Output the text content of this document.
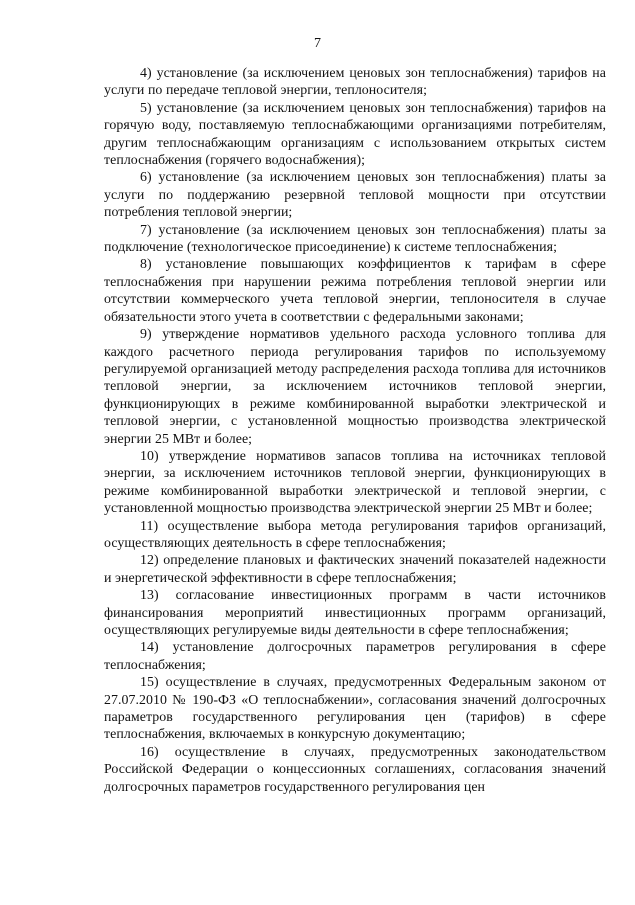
7

4) установление (за исключением ценовых зон теплоснабжения) тарифов на услуги по передаче тепловой энергии, теплоносителя;

5) установление (за исключением ценовых зон теплоснабжения) тарифов на горячую воду, поставляемую теплоснабжающими организациями потребителям, другим теплоснабжающим организациям с использованием открытых систем теплоснабжения (горячего водоснабжения);

6) установление (за исключением ценовых зон теплоснабжения) платы за услуги по поддержанию резервной тепловой мощности при отсутствии потребления тепловой энергии;

7) установление (за исключением ценовых зон теплоснабжения) платы за подключение (технологическое присоединение) к системе теплоснабжения;

8) установление повышающих коэффициентов к тарифам в сфере теплоснабжения при нарушении режима потребления тепловой энергии или отсутствии коммерческого учета тепловой энергии, теплоносителя в случае обязательности этого учета в соответствии с федеральными законами;

9) утверждение нормативов удельного расхода условного топлива для каждого расчетного периода регулирования тарифов по используемому регулируемой организацией методу распределения расхода топлива для источников тепловой энергии, за исключением источников тепловой энергии, функционирующих в режиме комбинированной выработки электрической и тепловой энергии, с установленной мощностью производства электрической энергии 25 МВт и более;

10) утверждение нормативов запасов топлива на источниках тепловой энергии, за исключением источников тепловой энергии, функционирующих в режиме комбинированной выработки электрической и тепловой энергии, с установленной мощностью производства электрической энергии 25 МВт и более;

11) осуществление выбора метода регулирования тарифов организаций, осуществляющих деятельность в сфере теплоснабжения;

12) определение плановых и фактических значений показателей надежности и энергетической эффективности в сфере теплоснабжения;

13) согласование инвестиционных программ в части источников финансирования мероприятий инвестиционных программ организаций, осуществляющих регулируемые виды деятельности в сфере теплоснабжения;

14) установление долгосрочных параметров регулирования в сфере теплоснабжения;

15) осуществление в случаях, предусмотренных Федеральным законом от 27.07.2010 № 190-ФЗ «О теплоснабжении», согласования значений долгосрочных параметров государственного регулирования цен (тарифов) в сфере теплоснабжения, включаемых в конкурсную документацию;

16) осуществление в случаях, предусмотренных законодательством Российской Федерации о концессионных соглашениях, согласования значений долгосрочных параметров государственного регулирования цен
